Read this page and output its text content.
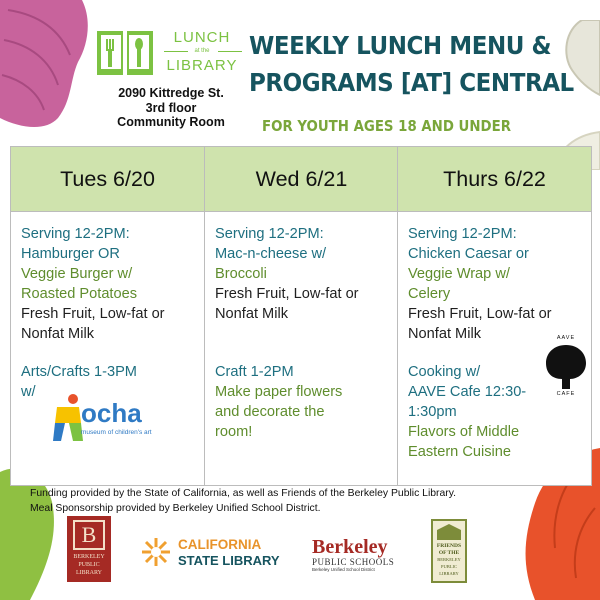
LUNCH
at the
LIBRARY
2090 Kittredge St.
3rd floor
Community Room
WEEKLY LUNCH MENU &
PROGRAMS [AT] CENTRAL
FOR YOUTH AGES 18 AND UNDER
Tues 6/20
Serving 12-2PM:
Hamburger OR
Veggie Burger w/
Roasted Potatoes
Fresh Fruit, Low-fat or
Nonfat Milk
Arts/Crafts 1-3PM
w/
ocha
museum of children's art
Wed 6/21
Serving 12-2PM:
Mac-n-cheese w/
Broccoli
Fresh Fruit, Low-fat or
Nonfat Milk
Craft 1-2PM
Make paper flowers
and decorate the
room!
Thurs 6/22
Serving 12-2PM:
Chicken Caesar or
Veggie Wrap w/
Celery
Fresh Fruit, Low-fat or
Nonfat Milk
Cooking w/
AAVE Cafe 12:30-
1:30pm
Flavors of Middle
Eastern Cuisine
AAVE
CAFE
Funding provided by the State of California, as well as Friends of the Berkeley Public Library.
Meal Sponsorship provided by Berkeley Unified School District.
B
BERKELEY
PUBLIC
LIBRARY
CALIFORNIA
STATE LIBRARY
Berkeley
PUBLIC SCHOOLS
Berkeley Unified School District
FRIENDS
OF THE
BERKELEY
PUBLIC
LIBRARY
